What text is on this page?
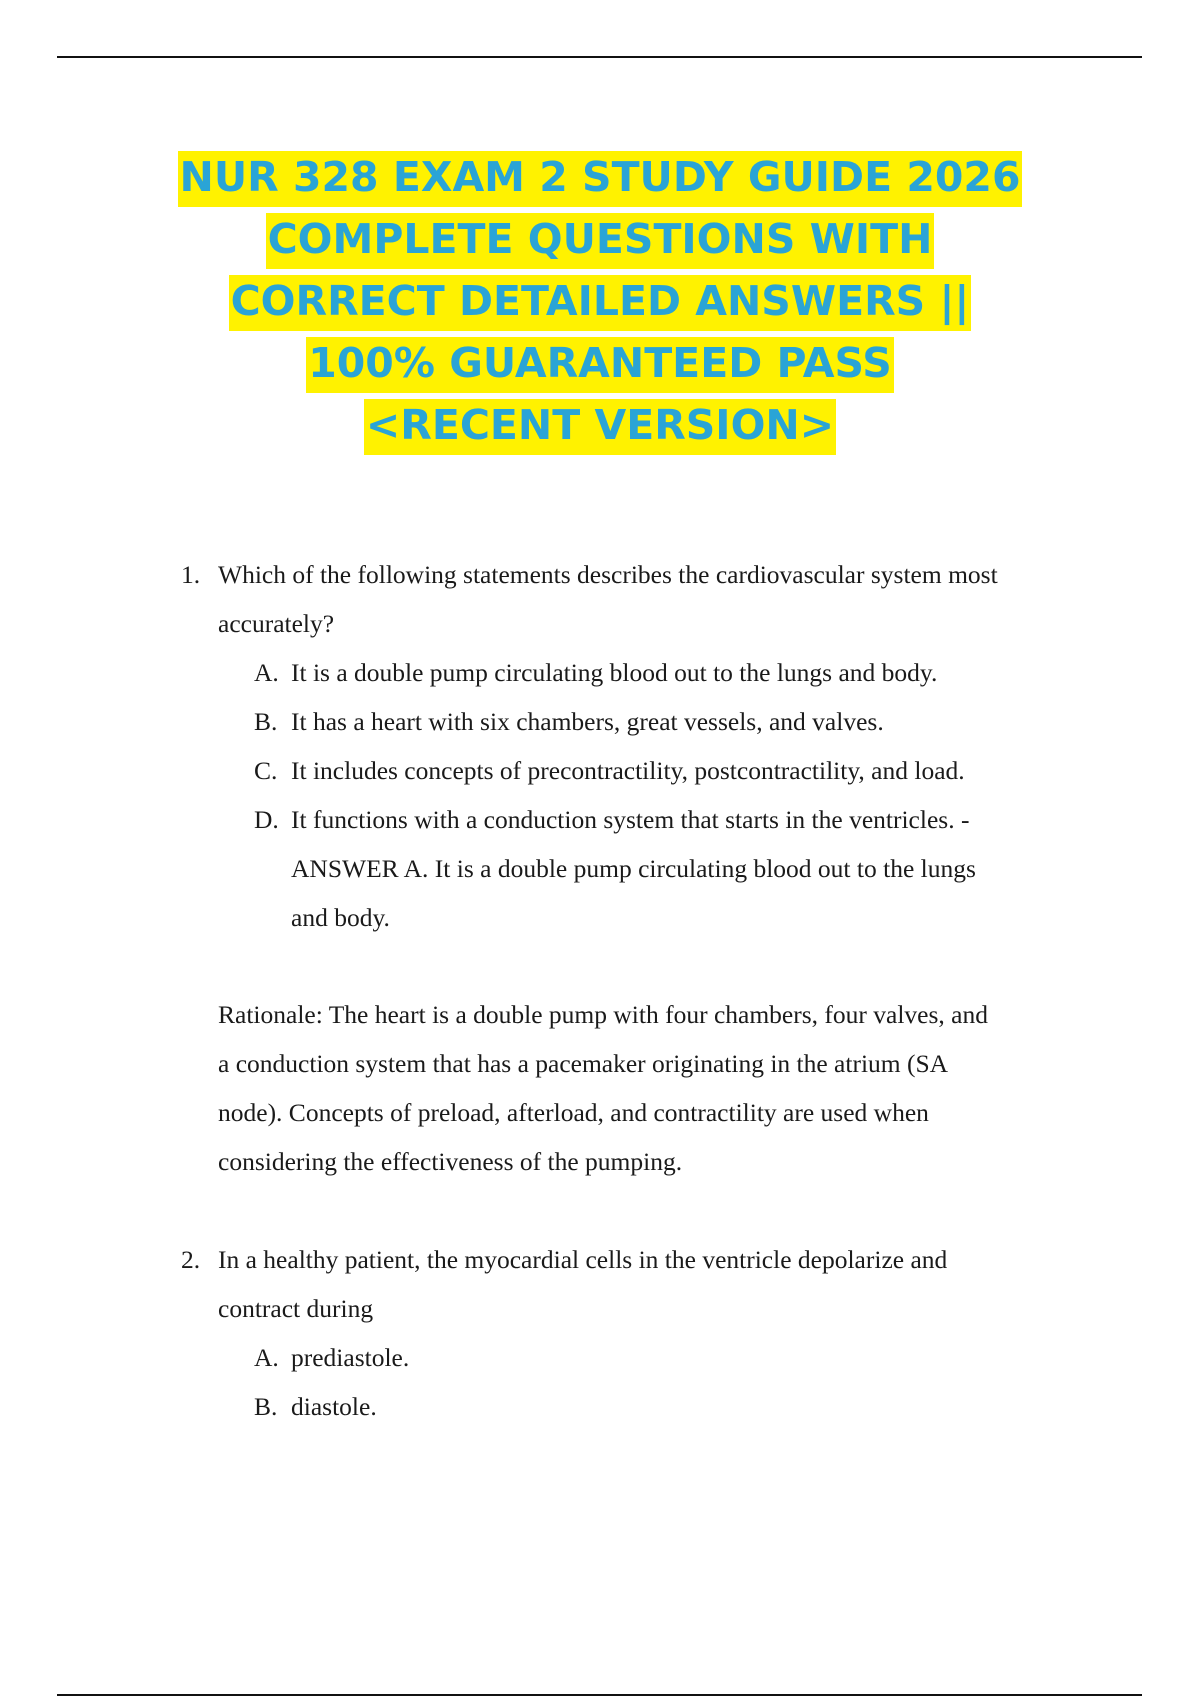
NUR 328 EXAM 2 STUDY GUIDE 2026
COMPLETE QUESTIONS WITH
CORRECT DETAILED ANSWERS ||
100% GUARANTEED PASS
<RECENT VERSION>
1. Which of the following statements describes the cardiovascular system most
accurately?
A. It is a double pump circulating blood out to the lungs and body.
B. It has a heart with six chambers, great vessels, and valves.
C. It includes concepts of precontractility, postcontractility, and load.
D. It functions with a conduction system that starts in the ventricles. -
ANSWER A. It is a double pump circulating blood out to the lungs
and body.
Rationale: The heart is a double pump with four chambers, four valves, and
a conduction system that has a pacemaker originating in the atrium (SA
node). Concepts of preload, afterload, and contractility are used when
considering the effectiveness of the pumping.
2. In a healthy patient, the myocardial cells in the ventricle depolarize and
contract during
A. prediastole.
B. diastole.
